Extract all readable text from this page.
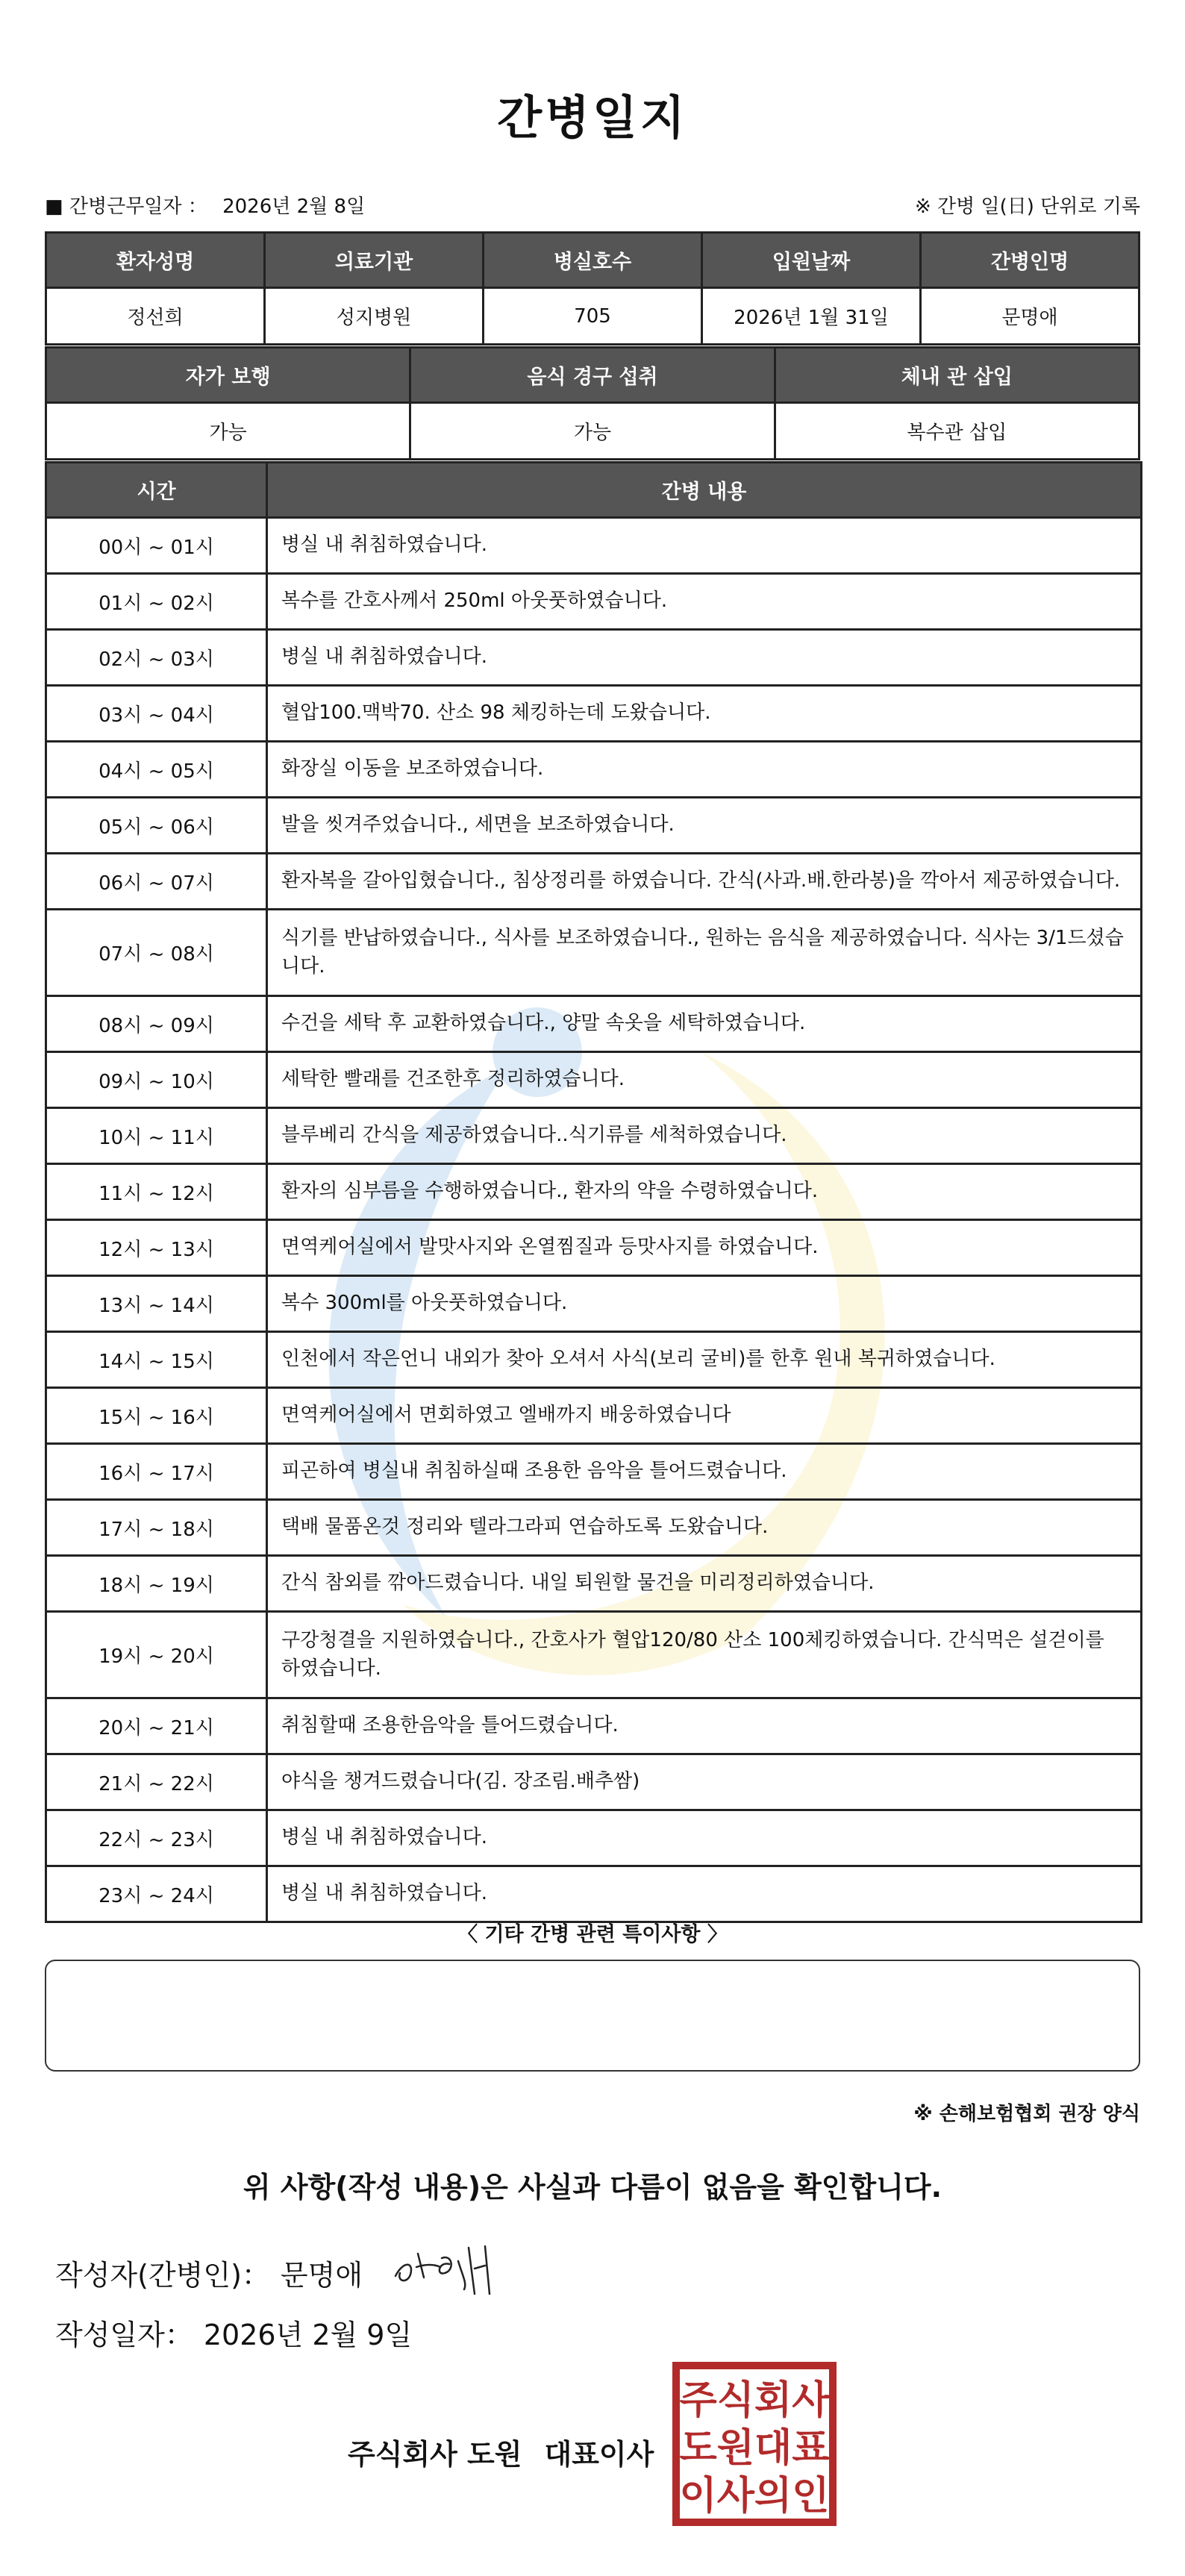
간병일지
■ 간병근무일자 ： 2026년 2월 8일	※ 간병 일(日) 단위로 기록
환자성명	의료기관	병실호수	입원날짜	간병인명
정선희	성지병원	705	2026년 1월 31일	문명애
자가 보행	음식 경구 섭취	체내 관 삽입
가능	가능	복수관 삽입
시간	간병 내용
00시 ~ 01시	병실 내 취침하였습니다.
01시 ~ 02시	복수를 간호사께서 250ml 아웃풋하였습니다.
02시 ~ 03시	병실 내 취침하였습니다.
03시 ~ 04시	혈압100.맥박70. 산소 98 체킹하는데 도왔습니다.
04시 ~ 05시	화장실 이동을 보조하였습니다.
05시 ~ 06시	발을 씻겨주었습니다., 세면을 보조하였습니다.
06시 ~ 07시	환자복을 갈아입혔습니다., 침상정리를 하였습니다. 간식(사과.배.한라봉)을 깍아서 제공하였습니다.
07시 ~ 08시	식기를 반납하였습니다., 식사를 보조하였습니다., 원하는 음식을 제공하였습니다. 식사는 3/1드셨습니다.
08시 ~ 09시	수건을 세탁 후 교환하였습니다., 양말 속옷을 세탁하였습니다.
09시 ~ 10시	세탁한 빨래를 건조한후 정리하였습니다.
10시 ~ 11시	블루베리 간식을 제공하였습니다..식기류를 세척하였습니다.
11시 ~ 12시	환자의 심부름을 수행하였습니다., 환자의 약을 수령하였습니다.
12시 ~ 13시	면역케어실에서 발맛사지와 온열찜질과 등맛사지를 하였습니다.
13시 ~ 14시	복수 300ml를 아웃풋하였습니다.
14시 ~ 15시	인천에서 작은언니 내외가 찾아 오셔서 사식(보리 굴비)를 한후 원내 복귀하였습니다.
15시 ~ 16시	면역케어실에서 면회하였고 엘배까지 배웅하였습니다
16시 ~ 17시	피곤하여 병실내 취침하실때 조용한 음악을 틀어드렸습니다.
17시 ~ 18시	택배 물품온것 정리와 텔라그라피 연습하도록 도왔습니다.
18시 ~ 19시	간식 참외를 깎아드렸습니다. 내일 퇴원할 물건을 미리정리하였습니다.
19시 ~ 20시	구강청결을 지원하였습니다., 간호사가 혈압120/80 산소 100체킹하였습니다. 간식먹은 설걷이를 하였습니다.
20시 ~ 21시	취침할때 조용한음악을 틀어드렸습니다.
21시 ~ 22시	야식을 챙겨드렸습니다(김. 장조림.배추쌈)
22시 ~ 23시	병실 내 취침하였습니다.
23시 ~ 24시	병실 내 취침하였습니다.
〈 기타 간병 관련 특이사항 〉
※ 손해보험협회 권장 양식
위 사항(작성 내용)은 사실과 다름이 없음을 확인합니다.
작성자(간병인)： 문명애
작성일자： 2026년 2월 9일
주식회사 도원 대표이사
주식회사
도원대표
이사의인
